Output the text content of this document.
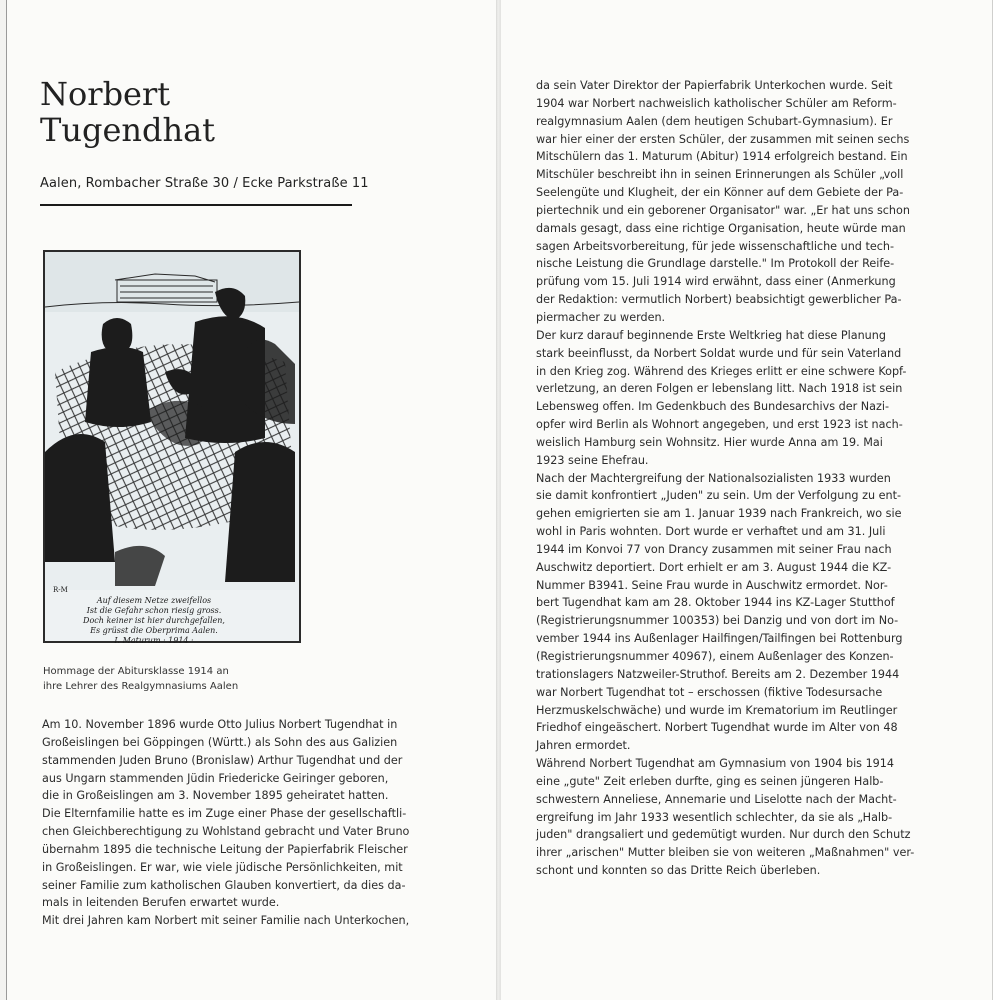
Norbert
Tugendhat
Aalen, Rombacher Straße 30 / Ecke Parkstraße 11
R-M
Auf diesem Netze zweifellos
Ist die Gefahr schon riesig gross.
Doch keiner ist hier durchgefallen,
Es grüsst die Oberprima Aalen.
I. Maturum · 1914 ·
Hommage der Abitursklasse 1914 an
ihre Lehrer des Realgymnasiums Aalen
Am 10. November 1896 wurde Otto Julius Norbert Tugendhat in
Großeislingen bei Göppingen (Württ.) als Sohn des aus Galizien
stammenden Juden Bruno (Bronislaw) Arthur Tugendhat und der
aus Ungarn stammenden Jüdin Friedericke Geiringer geboren,
die in Großeislingen am 3. November 1895 geheiratet hatten.
Die Elternfamilie hatte es im Zuge einer Phase der gesellschaftli-
chen Gleichberechtigung zu Wohlstand gebracht und Vater Bruno
übernahm 1895 die technische Leitung der Papierfabrik Fleischer
in Großeislingen. Er war, wie viele jüdische Persönlichkeiten, mit
seiner Familie zum katholischen Glauben konvertiert, da dies da-
mals in leitenden Berufen erwartet wurde.
Mit drei Jahren kam Norbert mit seiner Familie nach Unterkochen,
da sein Vater Direktor der Papierfabrik Unterkochen wurde. Seit
1904 war Norbert nachweislich katholischer Schüler am Reform-
realgymnasium Aalen (dem heutigen Schubart-Gymnasium). Er
war hier einer der ersten Schüler, der zusammen mit seinen sechs
Mitschülern das 1. Maturum (Abitur) 1914 erfolgreich bestand. Ein
Mitschüler beschreibt ihn in seinen Erinnerungen als Schüler „voll
Seelengüte und Klugheit, der ein Könner auf dem Gebiete der Pa-
piertechnik und ein geborener Organisator" war. „Er hat uns schon
damals gesagt, dass eine richtige Organisation, heute würde man
sagen Arbeitsvorbereitung, für jede wissenschaftliche und tech-
nische Leistung die Grundlage darstelle." Im Protokoll der Reife-
prüfung vom 15. Juli 1914 wird erwähnt, dass einer (Anmerkung
der Redaktion: vermutlich Norbert) beabsichtigt gewerblicher Pa-
piermacher zu werden.
Der kurz darauf beginnende Erste Weltkrieg hat diese Planung
stark beeinflusst, da Norbert Soldat wurde und für sein Vaterland
in den Krieg zog. Während des Krieges erlitt er eine schwere Kopf-
verletzung, an deren Folgen er lebenslang litt. Nach 1918 ist sein
Lebensweg offen. Im Gedenkbuch des Bundesarchivs der Nazi-
opfer wird Berlin als Wohnort angegeben, und erst 1923 ist nach-
weislich Hamburg sein Wohnsitz. Hier wurde Anna am 19. Mai
1923 seine Ehefrau.
Nach der Machtergreifung der Nationalsozialisten 1933 wurden
sie damit konfrontiert „Juden" zu sein. Um der Verfolgung zu ent-
gehen emigrierten sie am 1. Januar 1939 nach Frankreich, wo sie
wohl in Paris wohnten. Dort wurde er verhaftet und am 31. Juli
1944 im Konvoi 77 von Drancy zusammen mit seiner Frau nach
Auschwitz deportiert. Dort erhielt er am 3. August 1944 die KZ-
Nummer B3941. Seine Frau wurde in Auschwitz ermordet. Nor-
bert Tugendhat kam am 28. Oktober 1944 ins KZ-Lager Stutthof
(Registrierungsnummer 100353) bei Danzig und von dort im No-
vember 1944 ins Außenlager Hailfingen/Tailfingen bei Rottenburg
(Registrierungsnummer 40967), einem Außenlager des Konzen-
trationslagers Natzweiler-Struthof. Bereits am 2. Dezember 1944
war Norbert Tugendhat tot – erschossen (fiktive Todesursache
Herzmuskelschwäche) und wurde im Krematorium im Reutlinger
Friedhof eingeäschert. Norbert Tugendhat wurde im Alter von 48
Jahren ermordet.
Während Norbert Tugendhat am Gymnasium von 1904 bis 1914
eine „gute" Zeit erleben durfte, ging es seinen jüngeren Halb-
schwestern Anneliese, Annemarie und Liselotte nach der Macht-
ergreifung im Jahr 1933 wesentlich schlechter, da sie als „Halb-
juden" drangsaliert und gedemütigt wurden. Nur durch den Schutz
ihrer „arischen" Mutter bleiben sie von weiteren „Maßnahmen" ver-
schont und konnten so das Dritte Reich überleben.
